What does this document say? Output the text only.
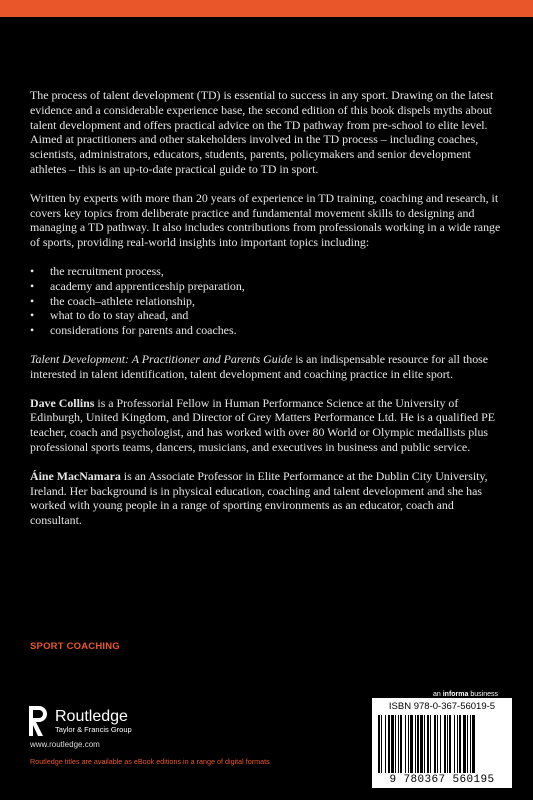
The process of talent development (TD) is essential to success in any sport. Drawing on the latest evidence and a considerable experience base, the second edition of this book dispels myths about talent development and offers practical advice on the TD pathway from pre-school to elite level. Aimed at practitioners and other stakeholders involved in the TD process – including coaches, scientists, administrators, educators, students, parents, policymakers and senior development athletes – this is an up-to-date practical guide to TD in sport.

Written by experts with more than 20 years of experience in TD training, coaching and research, it covers key topics from deliberate practice and fundamental movement skills to designing and managing a TD pathway. It also includes contributions from professionals working in a wide range of sports, providing real-world insights into important topics including:

• the recruitment process,
• academy and apprenticeship preparation,
• the coach–athlete relationship,
• what to do to stay ahead, and
• considerations for parents and coaches.

Talent Development: A Practitioner and Parents Guide is an indispensable resource for all those interested in talent identification, talent development and coaching practice in elite sport.

Dave Collins is a Professorial Fellow in Human Performance Science at the University of Edinburgh, United Kingdom, and Director of Grey Matters Performance Ltd. He is a qualified PE teacher, coach and psychologist, and has worked with over 80 World or Olympic medallists plus professional sports teams, dancers, musicians, and executives in business and public service.

Áine MacNamara is an Associate Professor in Elite Performance at the Dublin City University, Ireland. Her background is in physical education, coaching and talent development and she has worked with young people in a range of sporting environments as an educator, coach and consultant.

SPORT COACHING
Routledge
Taylor & Francis Group
www.routledge.com
Routledge titles are available as eBook editions in a range of digital formats
an informa business
ISBN 978-0-367-56019-5
9 780367 560195
